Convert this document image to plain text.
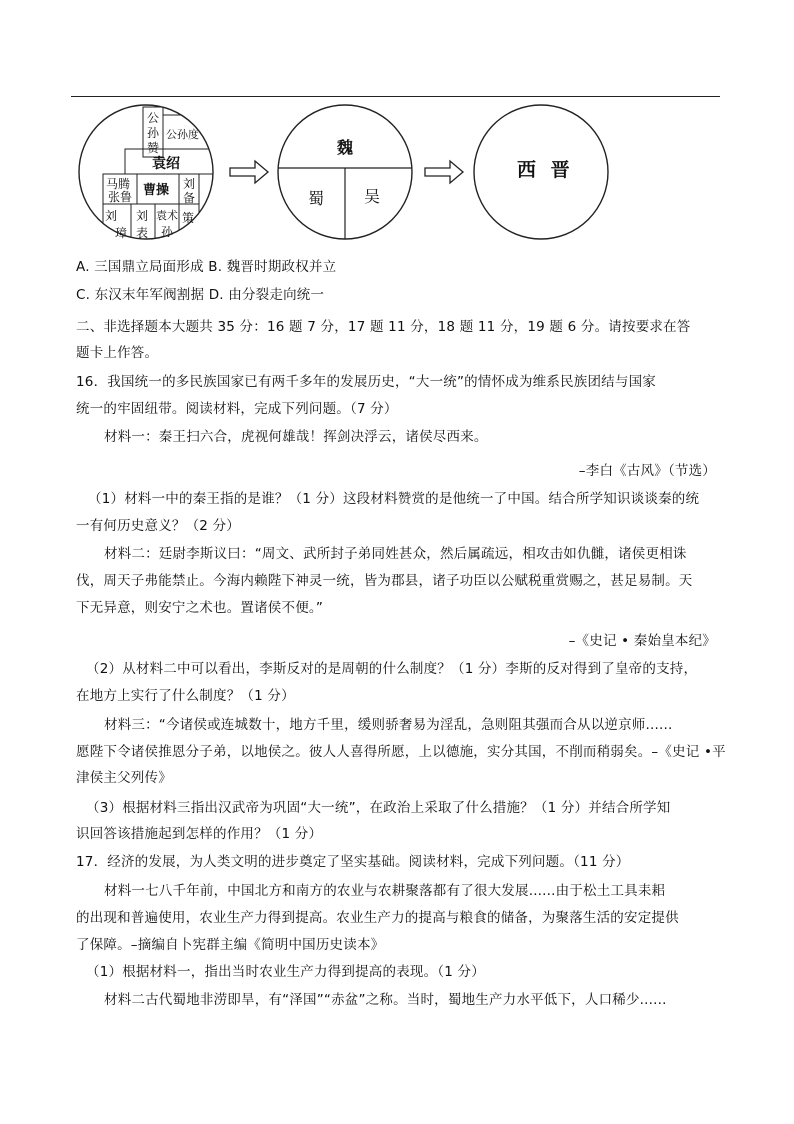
公
孙
赞
公孙度
袁绍
马腾
张鲁 曹操 刘
备
刘
璋
刘
表
袁术
孙
策
魏
蜀 吴
西 晋
A. 三国鼎立局面形成 B. 魏晋时期政权并立
C. 东汉末年军阀割据 D. 由分裂走向统一
二、非选择题本大题共 35 分：16 题 7 分，17 题 11 分，18 题 11 分，19 题 6 分。请按要求在答
题卡上作答。
16．我国统一的多民族国家已有两千多年的发展历史，“大一统”的情怀成为维系民族团结与国家
统一的牢固纽带。阅读材料，完成下列问题。（7 分）
材料一：秦王扫六合，虎视何雄哉！挥剑决浮云，诸侯尽西来。
–李白《古风》（节选）
（1）材料一中的秦王指的是谁？（1 分）这段材料赞赏的是他统一了中国。结合所学知识谈谈秦的统
一有何历史意义？（2 分）
材料二：廷尉李斯议曰：“周文、武所封子弟同姓甚众，然后属疏远，相攻击如仇雠，诸侯更相诛
伐，周天子弗能禁止。今海内赖陛下神灵一统，皆为郡县，诸子功臣以公赋税重赏赐之，甚足易制。天
下无异意，则安宁之术也。置诸侯不便。”
–《史记 • 秦始皇本纪》
（2）从材料二中可以看出，李斯反对的是周朝的什么制度？（1 分）李斯的反对得到了皇帝的支持，
在地方上实行了什么制度？（1 分）
材料三：“今诸侯或连城数十，地方千里，缓则骄奢易为淫乱，急则阻其强而合从以逆京师......
愿陛下令诸侯推恩分子弟，以地侯之。彼人人喜得所愿，上以德施，实分其国，不削而稍弱矣。–《史记 •平
津侯主父列传》
（3）根据材料三指出汉武帝为巩固“大一统”，在政治上采取了什么措施？（1 分）并结合所学知
识回答该措施起到怎样的作用？（1 分）
17．经济的发展，为人类文明的进步奠定了坚实基础。阅读材料，完成下列问题。（11 分）
材料一七八千年前，中国北方和南方的农业与农耕聚落都有了很大发展......由于松土工具耒耜
的出现和普遍使用，农业生产力得到提高。农业生产力的提高与粮食的储备，为聚落生活的安定提供
了保障。–摘编自卜宪群主编《简明中国历史读本》
（1）根据材料一，指出当时农业生产力得到提高的表现。（1 分）
材料二古代蜀地非涝即旱，有“泽国”“赤盆”之称。当时，蜀地生产力水平低下，人口稀少......
